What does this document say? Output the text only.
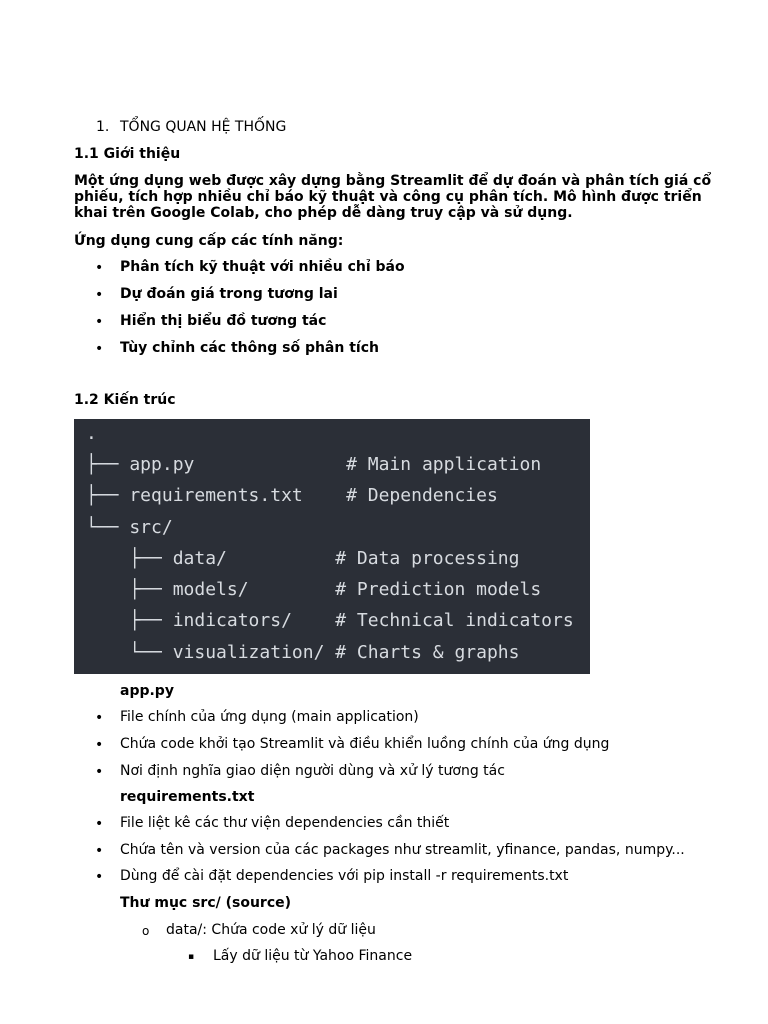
1. TỔNG QUAN HỆ THỐNG
1.1 Giới thiệu
Một ứng dụng web được xây dựng bằng Streamlit để dự đoán và phân tích giá cổ phiếu, tích hợp nhiều chỉ báo kỹ thuật và công cụ phân tích. Mô hình được triển khai trên Google Colab, cho phép dễ dàng truy cập và sử dụng.
Ứng dụng cung cấp các tính năng:
• Phân tích kỹ thuật với nhiều chỉ báo
• Dự đoán giá trong tương lai
• Hiển thị biểu đồ tương tác
• Tùy chỉnh các thông số phân tích
1.2 Kiến trúc
.
├── app.py              # Main application
├── requirements.txt    # Dependencies
└── src/
├── data/          # Data processing
├── models/        # Prediction models
├── indicators/    # Technical indicators
└── visualization/ # Charts & graphs
app.py
• File chính của ứng dụng (main application)
• Chứa code khởi tạo Streamlit và điều khiển luồng chính của ứng dụng
• Nơi định nghĩa giao diện người dùng và xử lý tương tác
requirements.txt
• File liệt kê các thư viện dependencies cần thiết
• Chứa tên và version của các packages như streamlit, yfinance, pandas, numpy...
• Dùng để cài đặt dependencies với pip install -r requirements.txt
Thư mục src/ (source)
o data/: Chứa code xử lý dữ liệu
▪ Lấy dữ liệu từ Yahoo Finance
